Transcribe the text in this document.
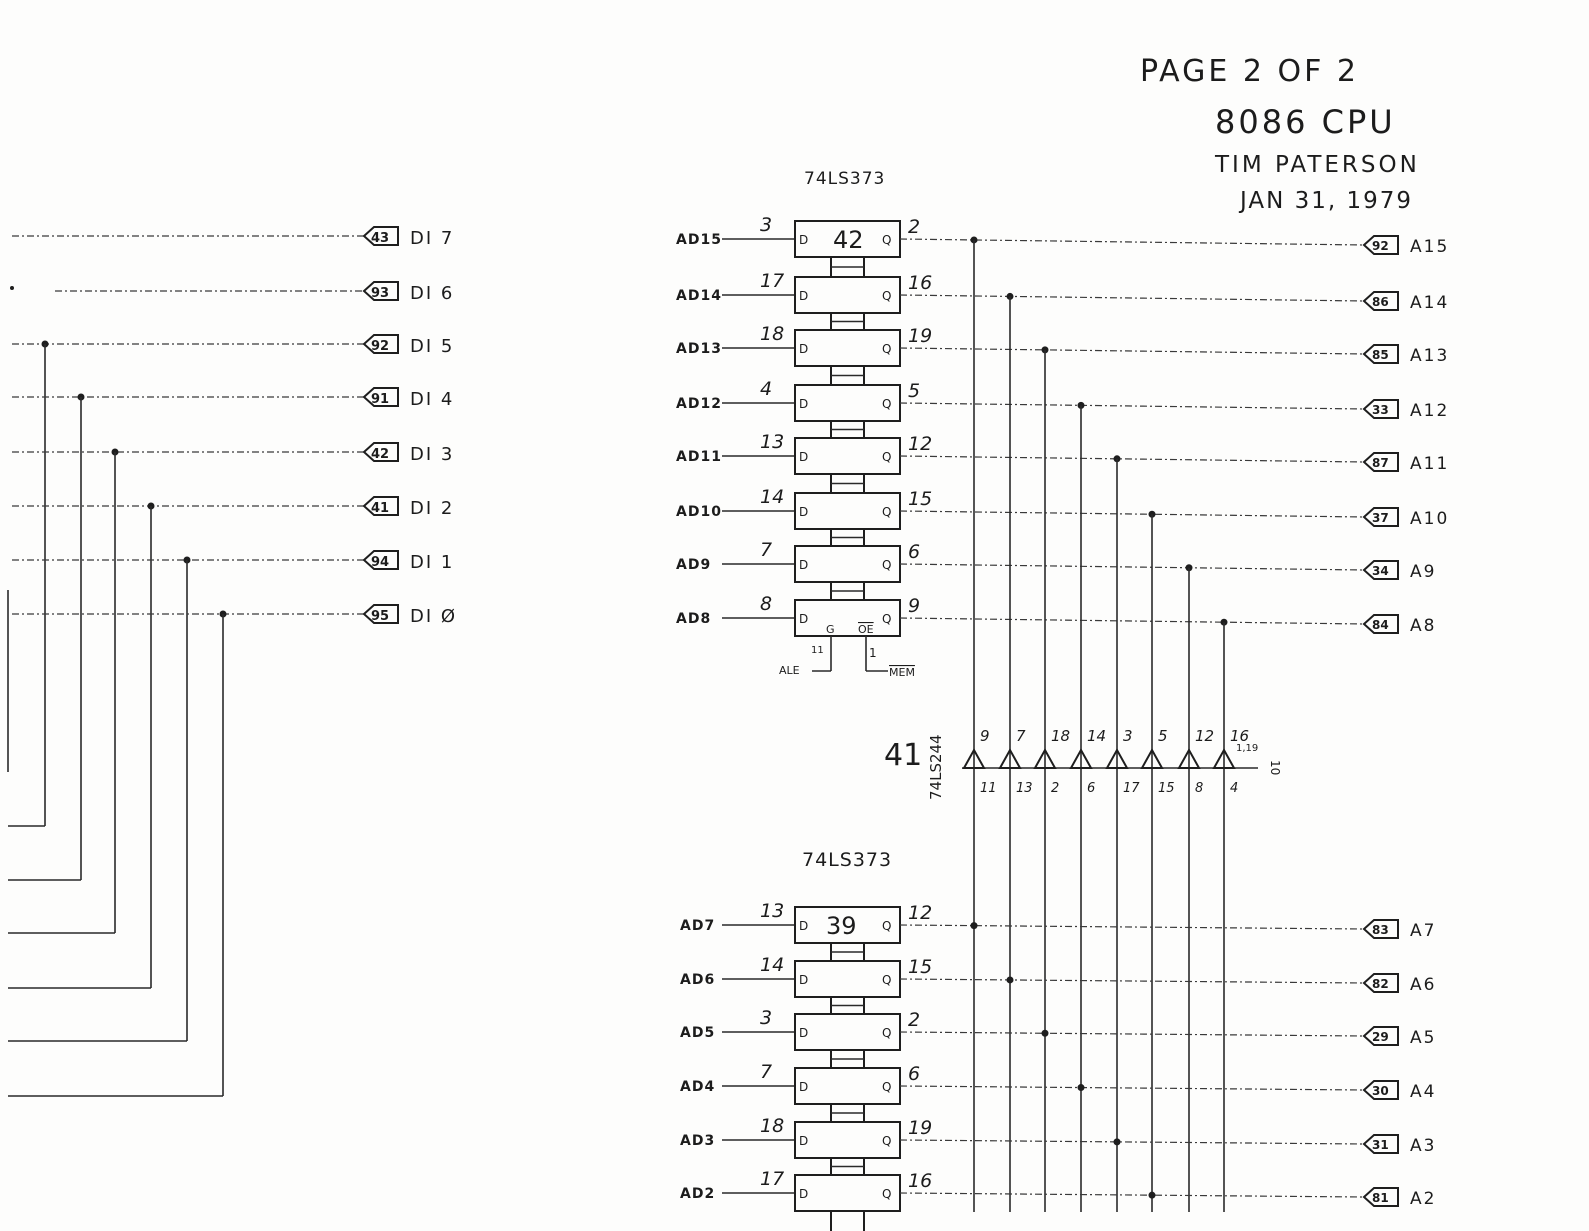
PAGE 2 OF 2
8086 CPU
TIM PATERSON
JAN 31, 1979
43 DI 7
93 DI 6
92 DI 5
91 DI 4
42 DI 3
41 DI 2
94 DI 1
95 DI Ø
74LS373
42
G OE
11	1
ALE	MEM
AD15
3
D	Q
2
92 A15
AD14
17
D	Q
16
86 A14
AD13
18
D	Q
19
85 A13
AD12
4
D	Q
5
33 A12
AD11
13
D	Q
12
87 A11
AD10
14
D	Q
15
37 A10
AD9
7
D	Q
6
34 A9
AD8
8
D	Q
9
84 A8
41 74LS244	1,19
10
9
11
7
13
18
2
14
6
3
17
5
15
12
8
16
4
74LS373
39
AD7
13
D	Q
12
83 A7
AD6
14
D	Q
15
82 A6
AD5
3
D	Q
2
29 A5
AD4
7
D	Q
6
30 A4
AD3
18
D	Q
19
31 A3
AD2
17
D	Q
16
81 A2
